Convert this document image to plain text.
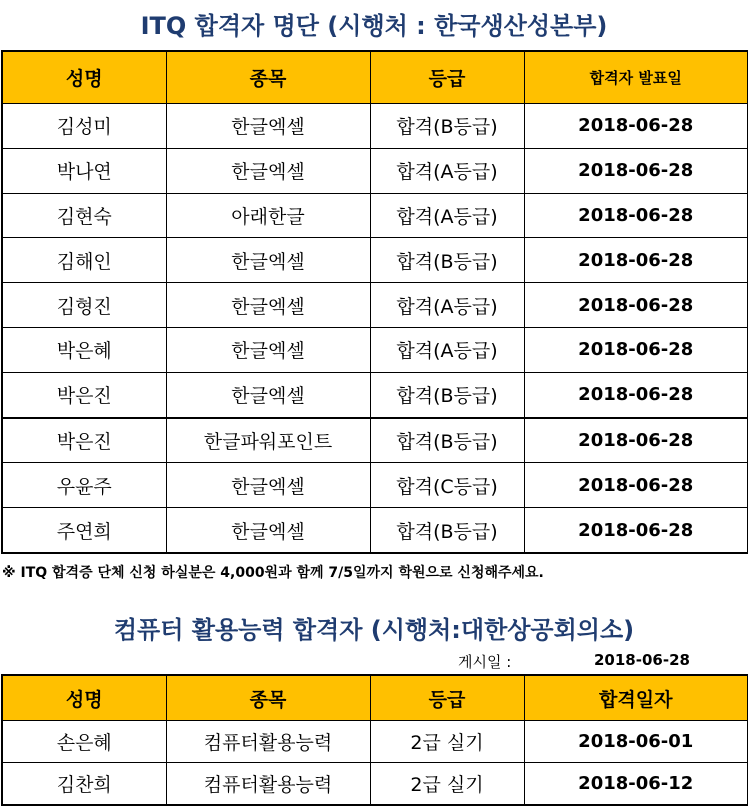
ITQ 합격자 명단 (시행처 : 한국생산성본부)
성명	종목	등급	합격자 발표일
김성미	한글엑셀	합격(B등급)	2018-06-28
박나연	한글엑셀	합격(A등급)	2018-06-28
김현숙	아래한글	합격(A등급)	2018-06-28
김해인	한글엑셀	합격(B등급)	2018-06-28
김형진	한글엑셀	합격(A등급)	2018-06-28
박은혜	한글엑셀	합격(A등급)	2018-06-28
박은진	한글엑셀	합격(B등급)	2018-06-28
박은진	한글파워포인트	합격(B등급)	2018-06-28
우윤주	한글엑셀	합격(C등급)	2018-06-28
주연희	한글엑셀	합격(B등급)	2018-06-28
※ ITQ 합격증 단체 신청 하실분은 4,000원과 함께 7/5일까지 학원으로 신청해주세요.
컴퓨터 활용능력 합격자 (시행처:대한상공회의소)
게시일 :	2018-06-28
성명	종목	등급	합격일자
손은혜	컴퓨터활용능력	2급 실기	2018-06-01
김찬희	컴퓨터활용능력	2급 실기	2018-06-12
